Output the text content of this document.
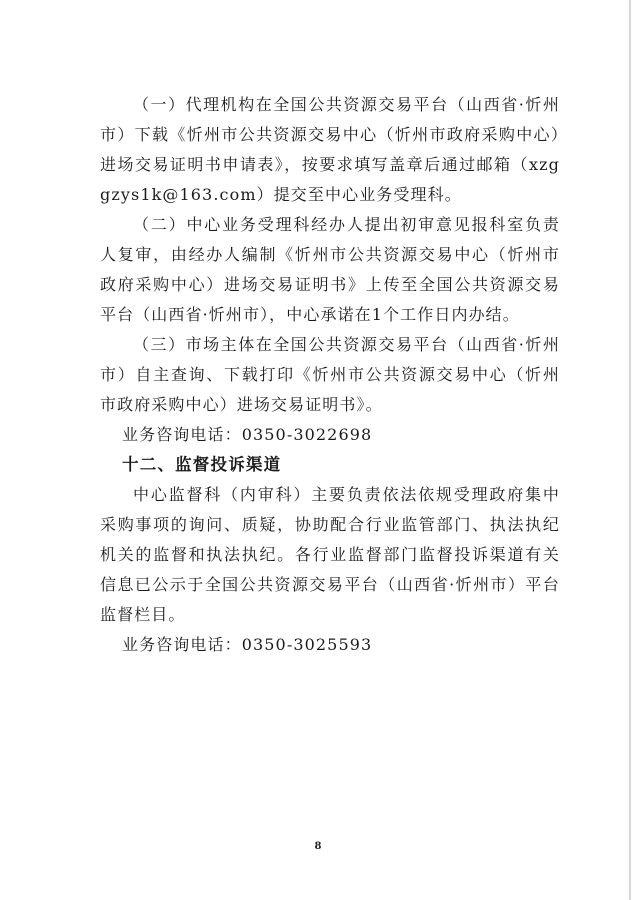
（一）代理机构在全国公共资源交易平台（山西省·忻州市）下载《忻州市公共资源交易中心（忻州市政府采购中心）进场交易证明书申请表》，按要求填写盖章后通过邮箱（xzggzys1k@163.com）提交至中心业务受理科。

（二）中心业务受理科经办人提出初审意见报科室负责人复审，由经办人编制《忻州市公共资源交易中心（忻州市政府采购中心）进场交易证明书》上传至全国公共资源交易平台（山西省·忻州市），中心承诺在1个工作日内办结。

（三）市场主体在全国公共资源交易平台（山西省·忻州市）自主查询、下载打印《忻州市公共资源交易中心（忻州市政府采购中心）进场交易证明书》。

业务咨询电话：0350-3022698

十二、监督投诉渠道

中心监督科（内审科）主要负责依法依规受理政府集中采购事项的询问、质疑，协助配合行业监管部门、执法执纪机关的监督和执法执纪。各行业监督部门监督投诉渠道有关信息已公示于全国公共资源交易平台（山西省·忻州市）平台监督栏目。

业务咨询电话：0350-3025593

8
